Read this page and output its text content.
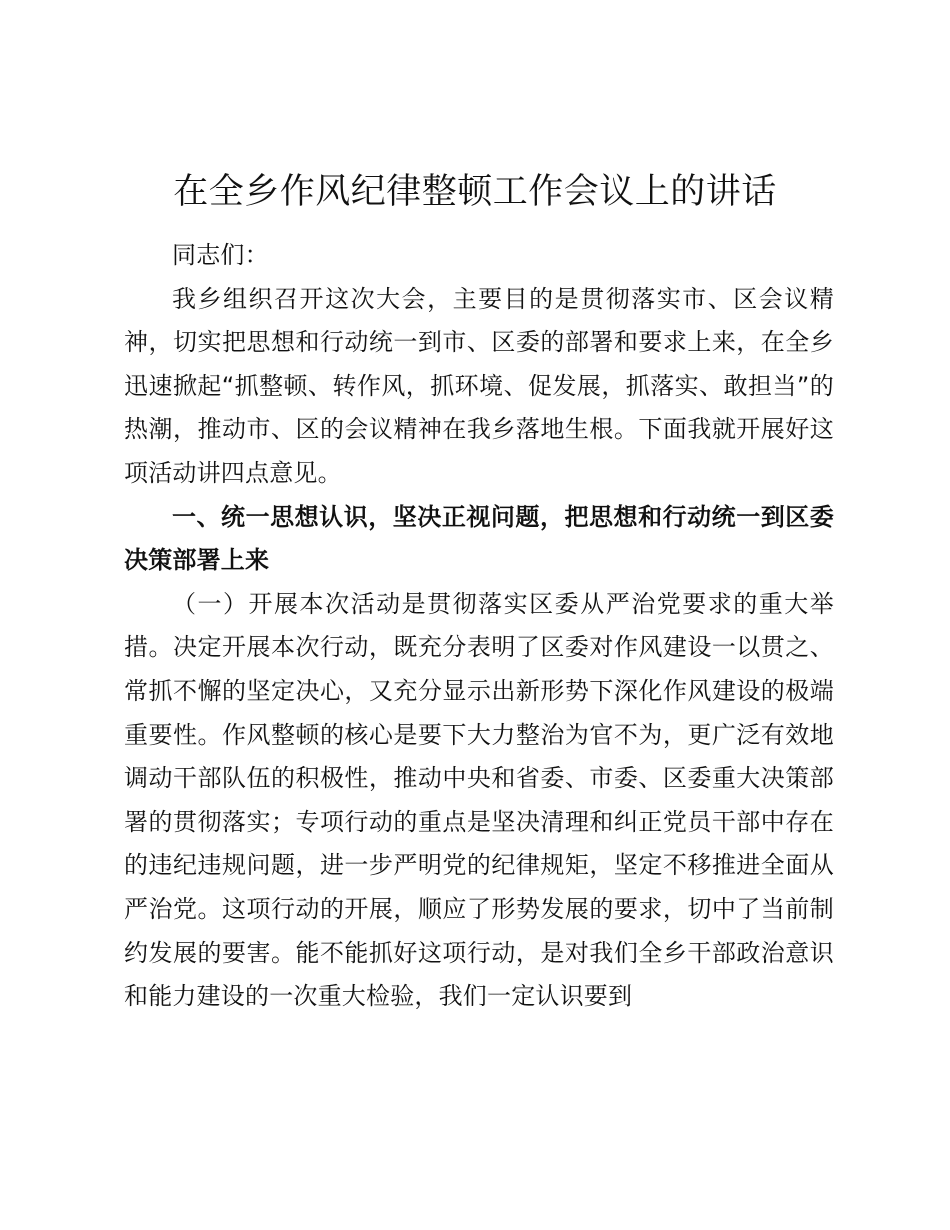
在全乡作风纪律整顿工作会议上的讲话

同志们：

我乡组织召开这次大会，主要目的是贯彻落实市、区会议精神，切实把思想和行动统一到市、区委的部署和要求上来，在全乡迅速掀起“抓整顿、转作风，抓环境、促发展，抓落实、敢担当”的热潮，推动市、区的会议精神在我乡落地生根。下面我就开展好这项活动讲四点意见。

一、统一思想认识，坚决正视问题，把思想和行动统一到区委决策部署上来

（一）开展本次活动是贯彻落实区委从严治党要求的重大举措。决定开展本次行动，既充分表明了区委对作风建设一以贯之、常抓不懈的坚定决心，又充分显示出新形势下深化作风建设的极端重要性。作风整顿的核心是要下大力整治为官不为，更广泛有效地调动干部队伍的积极性，推动中央和省委、市委、区委重大决策部署的贯彻落实；专项行动的重点是坚决清理和纠正党员干部中存在的违纪违规问题，进一步严明党的纪律规矩，坚定不移推进全面从严治党。这项行动的开展，顺应了形势发展的要求，切中了当前制约发展的要害。能不能抓好这项行动，是对我们全乡干部政治意识和能力建设的一次重大检验，我们一定认识要到
